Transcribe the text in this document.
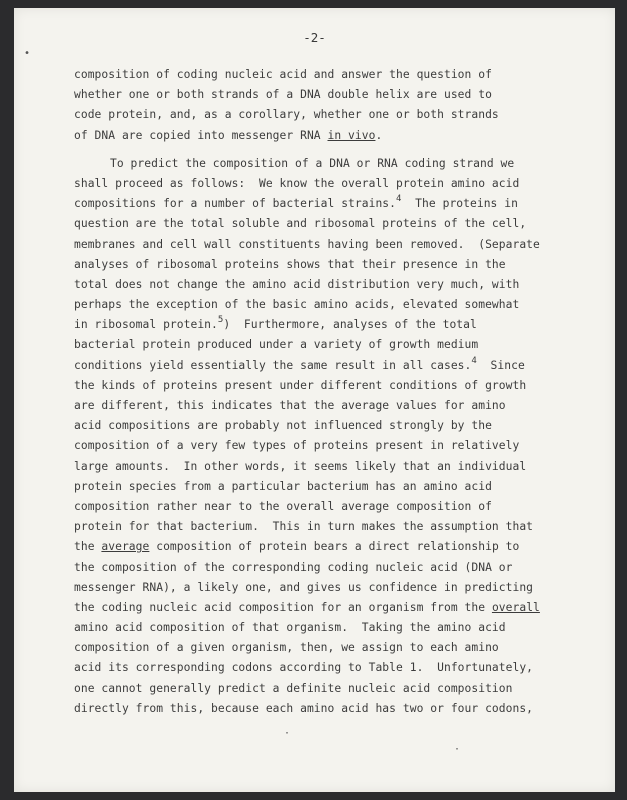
-2-
•
·
·
composition of coding nucleic acid and answer the question of
whether one or both strands of a DNA double helix are used to
code protein, and, as a corollary, whether one or both strands
of DNA are copied into messenger RNA in vivo.
To predict the composition of a DNA or RNA coding strand we
shall proceed as follows:  We know the overall protein amino acid
compositions for a number of bacterial strains.$^4$  The proteins in
question are the total soluble and ribosomal proteins of the cell,
membranes and cell wall constituents having been removed.  (Separate
analyses of ribosomal proteins shows that their presence in the
total does not change the amino acid distribution very much, with
perhaps the exception of the basic amino acids, elevated somewhat
in ribosomal protein.$^5$)  Furthermore, analyses of the total
bacterial protein produced under a variety of growth medium
conditions yield essentially the same result in all cases.$^4$  Since
the kinds of proteins present under different conditions of growth
are different, this indicates that the average values for amino
acid compositions are probably not influenced strongly by the
composition of a very few types of proteins present in relatively
large amounts.  In other words, it seems likely that an individual
protein species from a particular bacterium has an amino acid
composition rather near to the overall average composition of
protein for that bacterium.  This in turn makes the assumption that
the average composition of protein bears a direct relationship to
the composition of the corresponding coding nucleic acid (DNA or
messenger RNA), a likely one, and gives us confidence in predicting
the coding nucleic acid composition for an organism from the overall
amino acid composition of that organism.  Taking the amino acid
composition of a given organism, then, we assign to each amino
acid its corresponding codons according to Table 1.  Unfortunately,
one cannot generally predict a definite nucleic acid composition
directly from this, because each amino acid has two or four codons,
